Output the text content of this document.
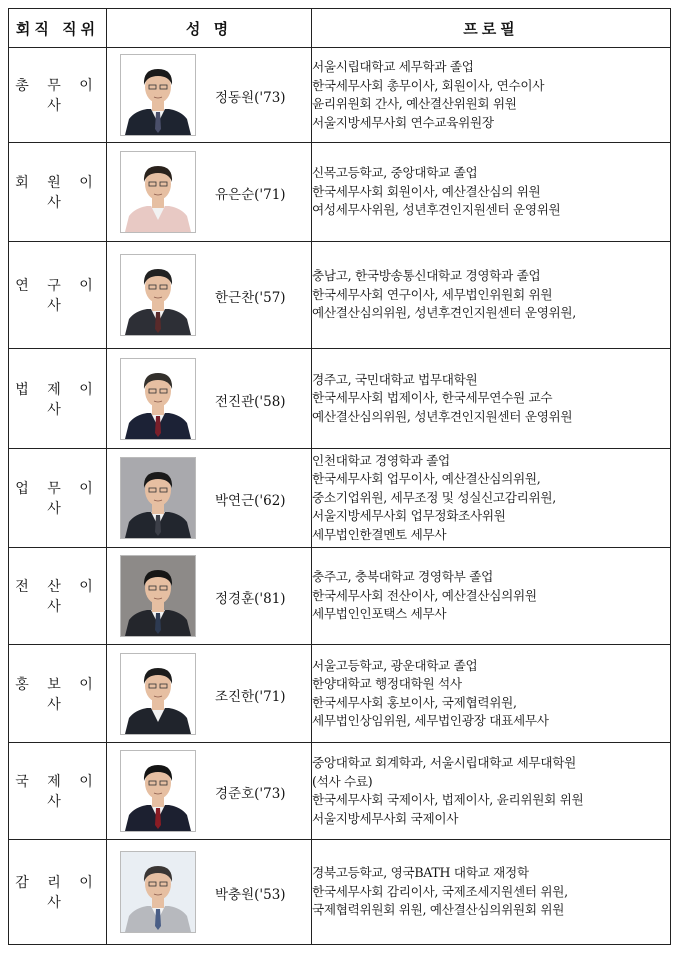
회직 직위	성 명	프로필
총 무 이 사	정동원('73)	서울시립대학교 세무학과 졸업
한국세무사회 총무이사, 회원이사, 연수이사
윤리위원회 간사, 예산결산위원회 위원
서울지방세무사회 연수교육위원장

회 원 이 사	유은순('71)	신목고등학교, 중앙대학교 졸업
한국세무사회 회원이사, 예산결산심의 위원
여성세무사위원, 성년후견인지원센터 운영위원

연 구 이 사	한근찬('57)	충남고, 한국방송통신대학교 경영학과 졸업
한국세무사회 연구이사, 세무법인위원회 위원
예산결산심의위원, 성년후견인지원센터 운영위원,

법 제 이 사	전진관('58)	경주고, 국민대학교 법무대학원
한국세무사회 법제이사, 한국세무연수원 교수
예산결산심의위원, 성년후견인지원센터 운영위원

업 무 이 사	박연근('62)	인천대학교 경영학과 졸업
한국세무사회 업무이사, 예산결산심의위원,
중소기업위원, 세무조정 및 성실신고감리위원,
서울지방세무사회 업무정화조사위원
세무법인한결멘토 세무사

전 산 이 사	정경훈('81)	충주고, 충북대학교 경영학부 졸업
한국세무사회 전산이사, 예산결산심의위원
세무법인인포택스 세무사

홍 보 이 사	조진한('71)	서울고등학교, 광운대학교 졸업
한양대학교 행정대학원 석사
한국세무사회 홍보이사, 국제협력위원,
세무법인상임위원, 세무법인광장 대표세무사

국 제 이 사	경준호('73)	중앙대학교 회계학과, 서울시립대학교 세무대학원
(석사 수료)
한국세무사회 국제이사, 법제이사, 윤리위원회 위원
서울지방세무사회 국제이사

감 리 이 사	박충원('53)	경북고등학교, 영국BATH 대학교 재정학
한국세무사회 감리이사, 국제조세지원센터 위원,
국제협력위원회 위원, 예산결산심의위원회 위원
